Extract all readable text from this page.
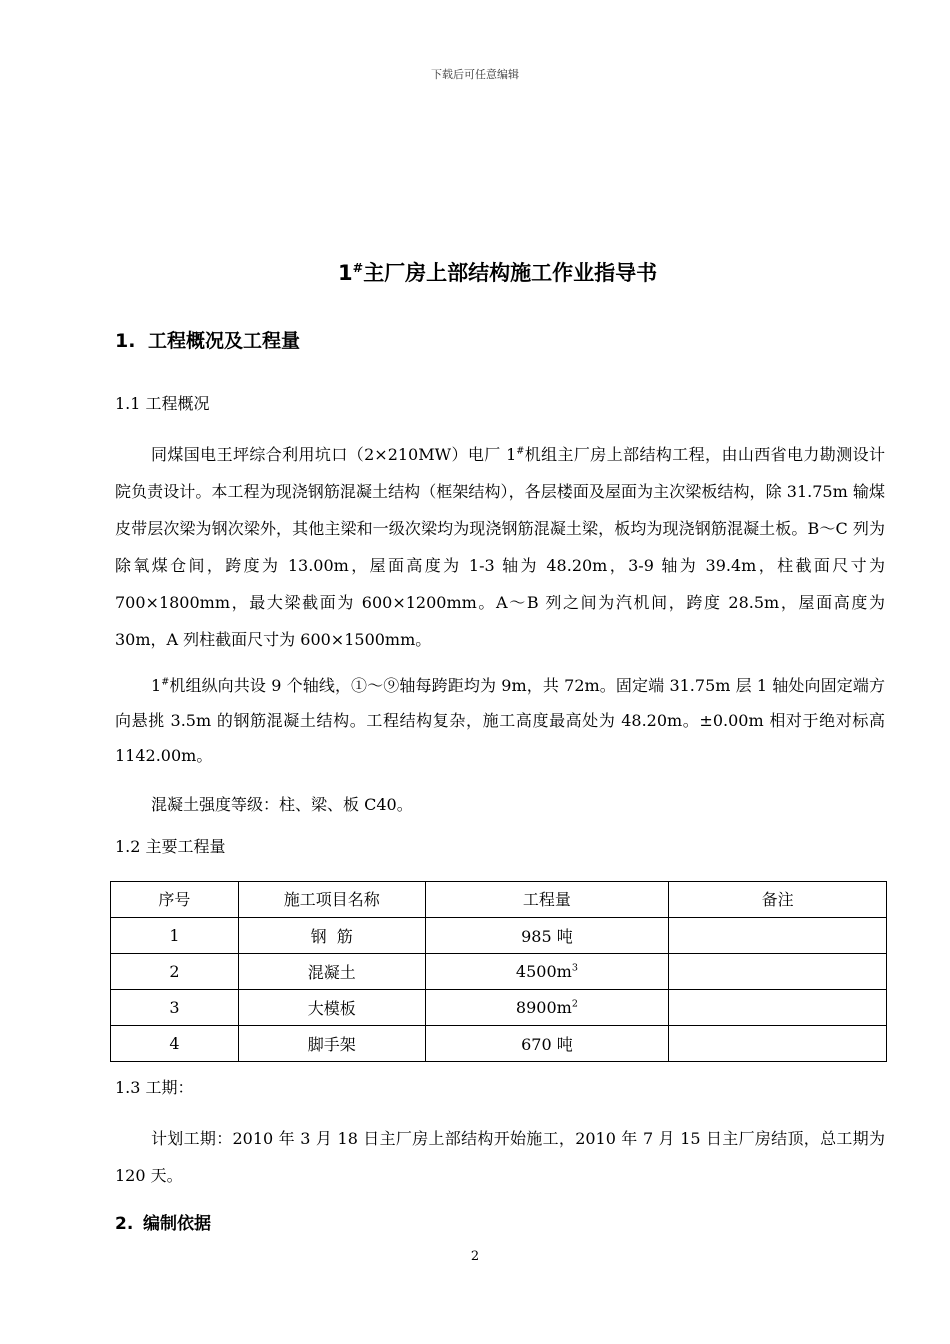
下载后可任意编辑
1#主厂房上部结构施工作业指导书
1. 工程概况及工程量
1.1 工程概况
同煤国电王坪综合利用坑口（2×210MW）电厂 1#机组主厂房上部结构工程，由山西省电力勘测设计院负责设计。本工程为现浇钢筋混凝土结构（框架结构），各层楼面及屋面为主次梁板结构，除 31.75m 输煤皮带层次梁为钢次梁外，其他主梁和一级次梁均为现浇钢筋混凝土梁，板均为现浇钢筋混凝土板。B～C 列为除氧煤仓间，跨度为 13.00m，屋面高度为 1-3 轴为 48.20m，3-9 轴为 39.4m，柱截面尺寸为 700×1800mm，最大梁截面为 600×1200mm。A～B 列之间为汽机间，跨度 28.5m，屋面高度为 30m，A 列柱截面尺寸为 600×1500mm。
1#机组纵向共设 9 个轴线，①～⑨轴每跨距均为 9m，共 72m。固定端 31.75m 层 1 轴处向固定端方向悬挑 3.5m 的钢筋混凝土结构。工程结构复杂，施工高度最高处为 48.20m。±0.00m 相对于绝对标高 1142.00m。
混凝土强度等级：柱、梁、板 C40。
1.2 主要工程量
序号	施工项目名称	工程量	备注
1	钢  筋	985 吨	
2	混凝土	$4500m^3$	
3	大模板	$8900m^2$	
4	脚手架	670 吨	
1.3 工期：
计划工期：2010 年 3 月 18 日主厂房上部结构开始施工，2010 年 7 月 15 日主厂房结顶，总工期为 120 天。
2. 编制依据
2
